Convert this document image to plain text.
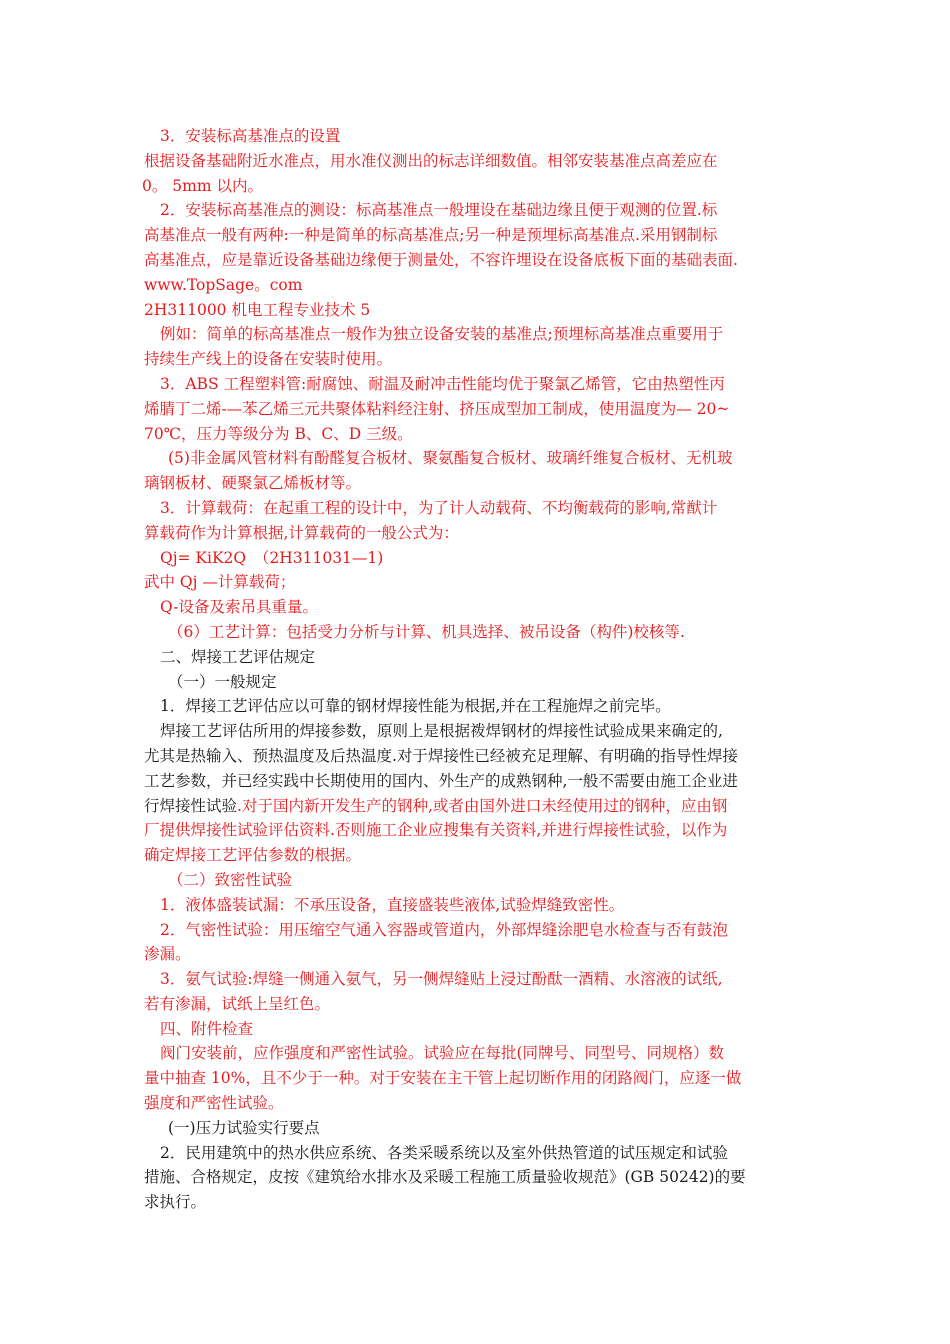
3．安装标高基准点的设置
根据设备基础附近水准点，用水准仪测出的标志详细数值。相邻安装基准点高差应在
0。 5mm 以内。
2．安装标高基准点的测设：标高基准点一般埋设在基础边缘且便于观测的位置.标
高基准点一般有两种:一种是简单的标高基准点;另一种是预埋标高基准点.采用钢制标
高基准点，应是靠近设备基础边缘便于测量处，不容许埋设在设备底板下面的基础表面.
www.TopSage。com
2H311000 机电工程专业技术 5
例如：简单的标高基准点一般作为独立设备安装的基准点;预埋标高基准点重要用于
持续生产线上的设备在安装时使用。
3．ABS 工程塑料管:耐腐蚀、耐温及耐冲击性能均优于聚氯乙烯管，它由热塑性丙
烯腈丁二烯-—苯乙烯三元共聚体粘料经注射、挤压成型加工制成，使用温度为— 20~
70℃，压力等级分为 B、C、D 三级。
(5)非金属风管材料有酚醛复合板材、聚氨酯复合板材、玻璃纤维复合板材、无机玻
璃钢板材、硬聚氯乙烯板材等。
3．计算载荷：在起重工程的设计中，为了计人动载荷、不均衡载荷的影响,常猷计
算载荷作为计算根据,计算载荷的一般公式为：
Qj= KiK2Q　（2H311031—1)
武中 Qj —计算载荷；
Q-设备及索吊具重量。
（6）工艺计算：包括受力分析与计算、机具选择、被吊设备（构件)校核等.
二、焊接工艺评估规定
（一）一般规定
1．焊接工艺评估应以可靠的钢材焊接性能为根据,并在工程施焊之前完毕。
焊接工艺评估所用的焊接参数，原则上是根据袯焊钢材的焊接性试验成果来确定的,
尤其是热输入、预热温度及后热温度.对于焊接性已经被充足理解、有明确的指导性焊接
工艺参数，并已经实践中长期使用的国内、外生产的成熟钢种,一般不需要由施工企业进
行焊接性试验.对于国内新开发生产的钢种,或者由国外进口未经使用过的钢种，应由钢
厂提供焊接性试验评估资料.否则施工企业应搜集有关资料,并进行焊接性试验，以作为
确定焊接工艺评估参数的根据。
（二）致密性试验
1．液体盛装试漏：不承压设备，直接盛装些液体,试验焊缝致密性。
2．气密性试验：用压缩空气通入容器或管道内，外部焊缝涂肥皂水检查与否有鼓泡
渗漏。
3．氨气试验:焊缝一侧通入氨气，另一侧焊缝贴上浸过酚酞一酒精、水溶液的试纸,
若有渗漏，试纸上呈红色。
四、附件检查
阀门安装前，应作强度和严密性试验。试验应在每批(同牌号、同型号、同规格）数
量中抽查 10%，且不少于一种。对于安装在主干管上起切断作用的闭路阀门，应逐一做
强度和严密性试验。
(一)压力试验实行要点
2．民用建筑中的热水供应系统、各类采暖系统以及室外供热管道的试压规定和试验
措施、合格规定，皮按《建筑给水排水及采暖工程施工质量验收规范》(GB 50242)的要
求执行。
